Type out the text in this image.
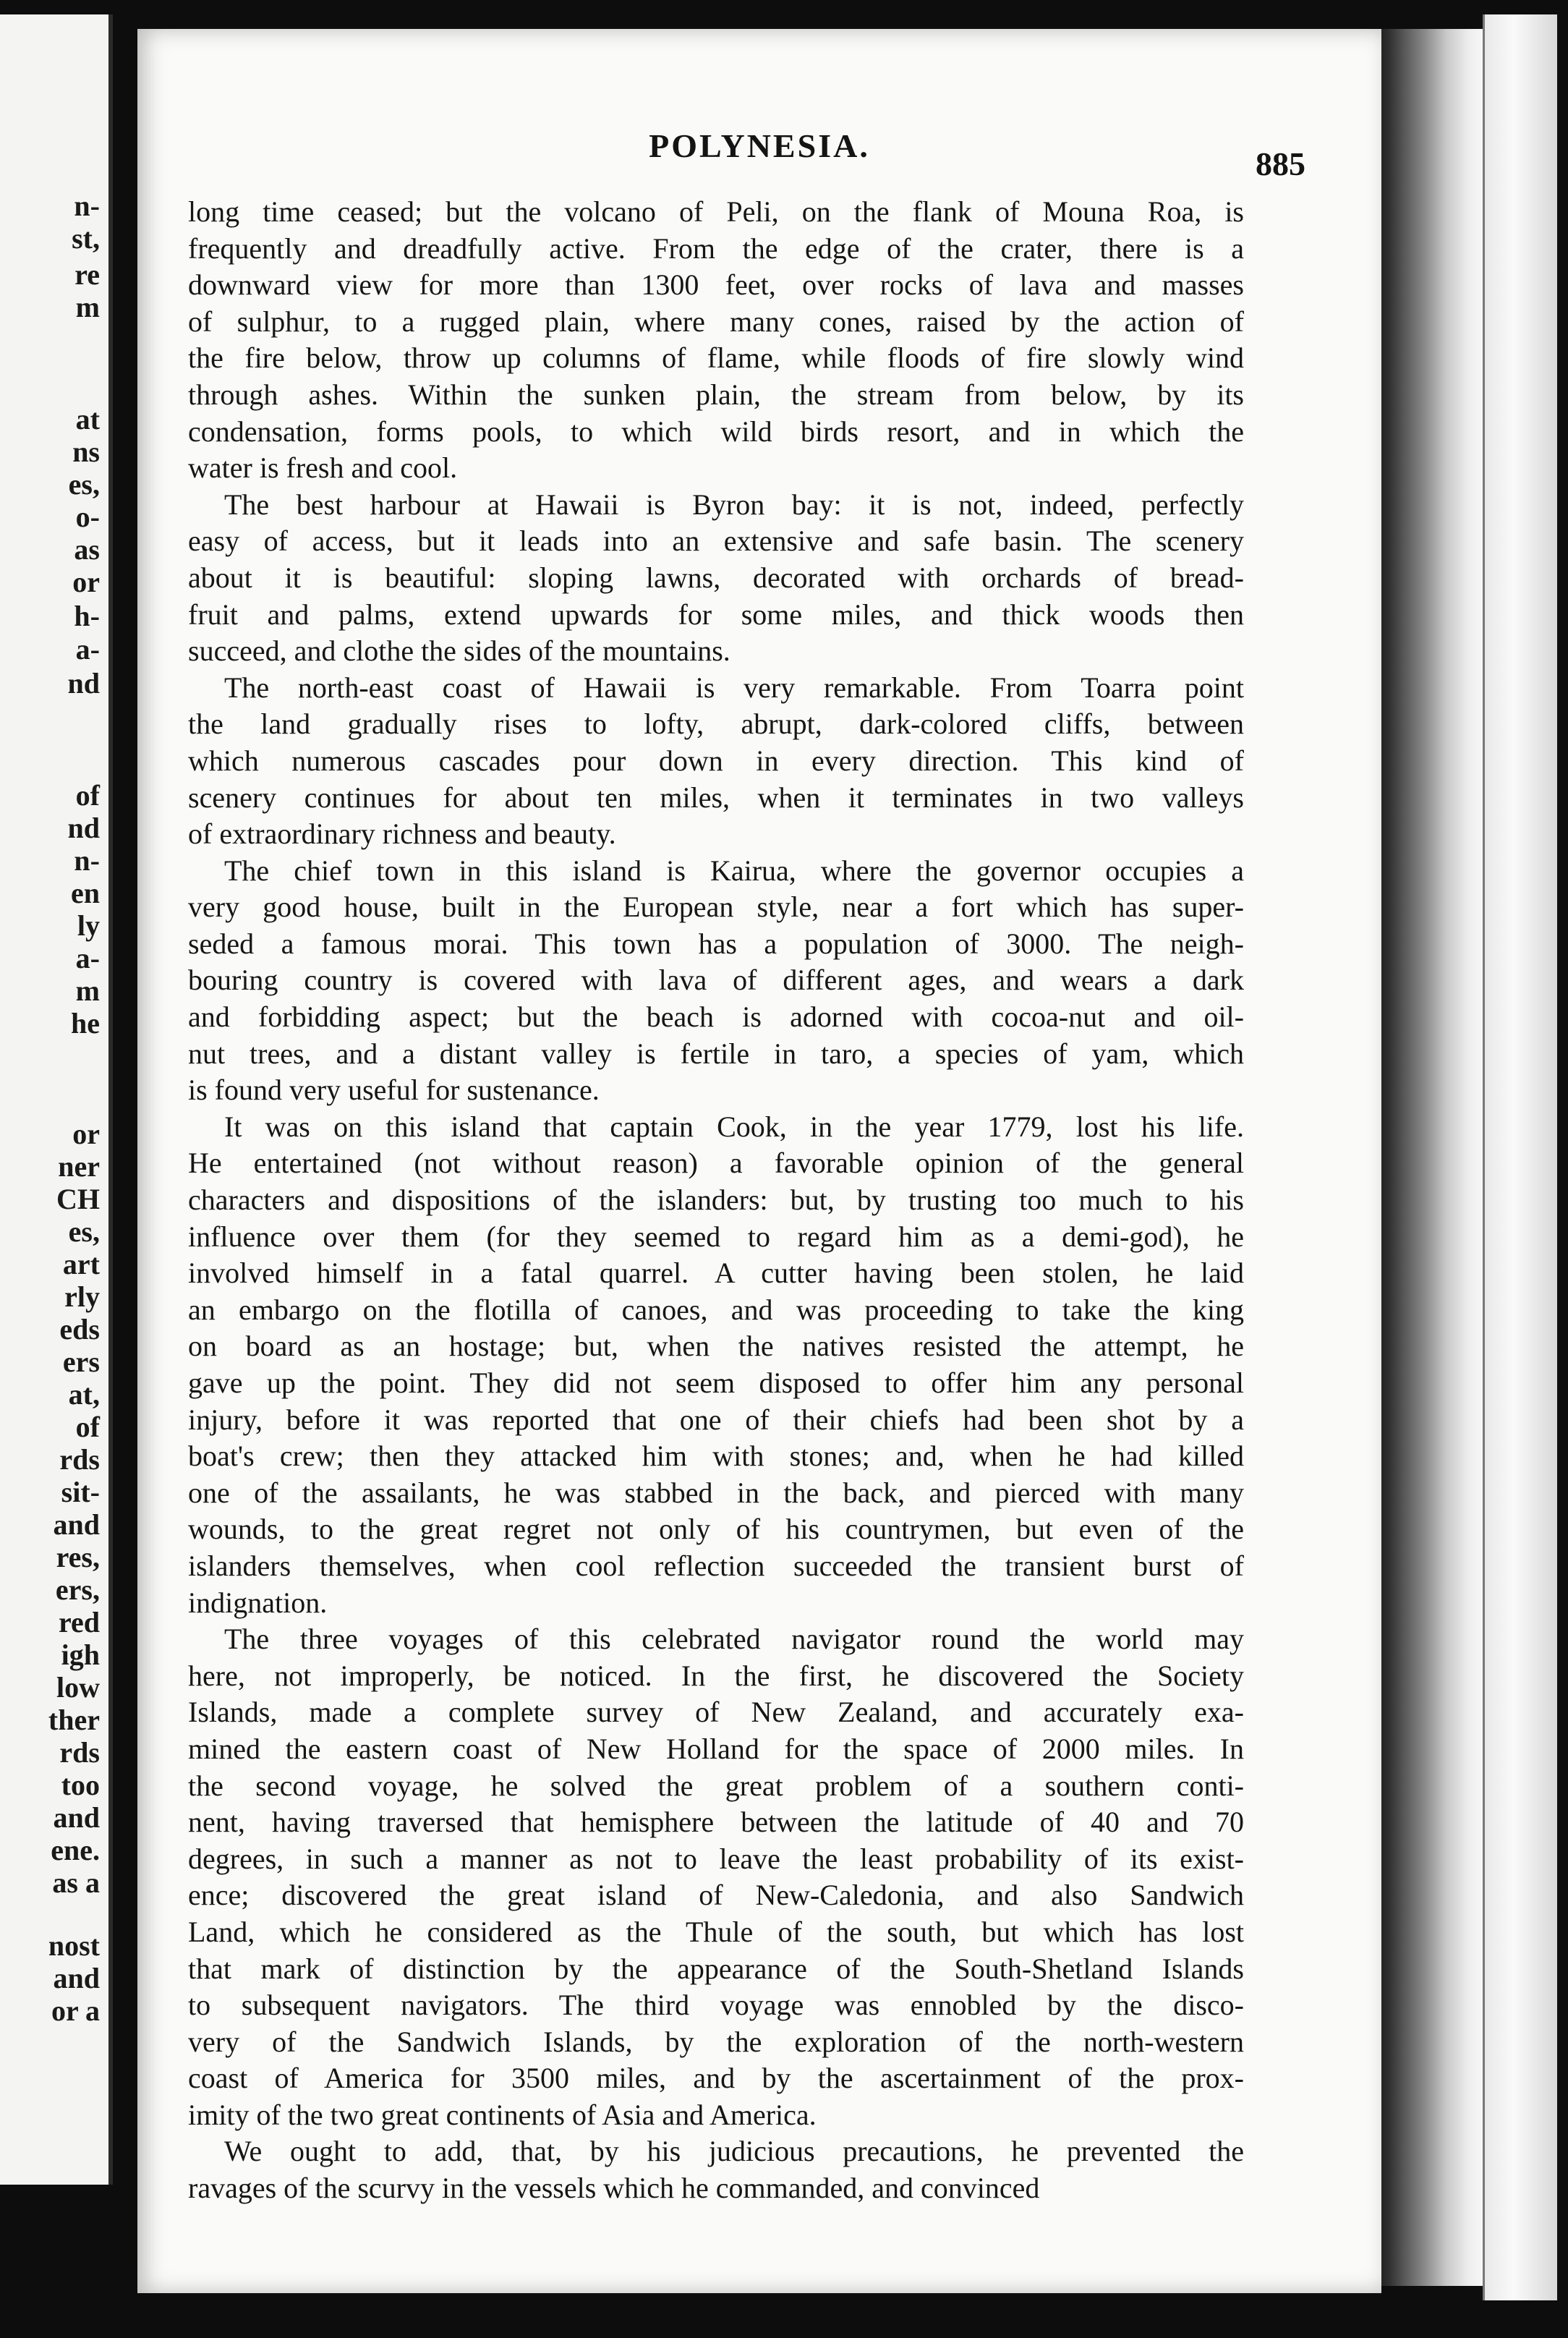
n-
st,
re
m
at
ns
es,
o-
as
or
h-
a-
nd
of
nd
n-
en
ly
a-
m
he
or
ner
CH
es,
art
rly
eds
ers
at,
of
rds
sit-
and
res,
ers,
red
igh
low
ther
rds
too
and
ene.
as a
nost
and
or a
POLYNESIA.	885
long time ceased; but the volcano of Peli, on the flank of Mouna Roa, is
frequently and dreadfully active. From the edge of the crater, there is a
downward view for more than 1300 feet, over rocks of lava and masses
of sulphur, to a rugged plain, where many cones, raised by the action of
the fire below, throw up columns of flame, while floods of fire slowly wind
through ashes. Within the sunken plain, the stream from below, by its
condensation, forms pools, to which wild birds resort, and in which the
water is fresh and cool.
The best harbour at Hawaii is Byron bay: it is not, indeed, perfectly
easy of access, but it leads into an extensive and safe basin. The scenery
about it is beautiful: sloping lawns, decorated with orchards of bread-
fruit and palms, extend upwards for some miles, and thick woods then
succeed, and clothe the sides of the mountains.
The north-east coast of Hawaii is very remarkable. From Toarra point
the land gradually rises to lofty, abrupt, dark-colored cliffs, between
which numerous cascades pour down in every direction. This kind of
scenery continues for about ten miles, when it terminates in two valleys
of extraordinary richness and beauty.
The chief town in this island is Kairua, where the governor occupies a
very good house, built in the European style, near a fort which has super-
seded a famous morai. This town has a population of 3000. The neigh-
bouring country is covered with lava of different ages, and wears a dark
and forbidding aspect; but the beach is adorned with cocoa-nut and oil-
nut trees, and a distant valley is fertile in taro, a species of yam, which
is found very useful for sustenance.
It was on this island that captain Cook, in the year 1779, lost his life.
He entertained (not without reason) a favorable opinion of the general
characters and dispositions of the islanders: but, by trusting too much to his
influence over them (for they seemed to regard him as a demi-god), he
involved himself in a fatal quarrel. A cutter having been stolen, he laid
an embargo on the flotilla of canoes, and was proceeding to take the king
on board as an hostage; but, when the natives resisted the attempt, he
gave up the point. They did not seem disposed to offer him any personal
injury, before it was reported that one of their chiefs had been shot by a
boat's crew; then they attacked him with stones; and, when he had killed
one of the assailants, he was stabbed in the back, and pierced with many
wounds, to the great regret not only of his countrymen, but even of the
islanders themselves, when cool reflection succeeded the transient burst of
indignation.
The three voyages of this celebrated navigator round the world may
here, not improperly, be noticed. In the first, he discovered the Society
Islands, made a complete survey of New Zealand, and accurately exa-
mined the eastern coast of New Holland for the space of 2000 miles. In
the second voyage, he solved the great problem of a southern conti-
nent, having traversed that hemisphere between the latitude of 40 and 70
degrees, in such a manner as not to leave the least probability of its exist-
ence; discovered the great island of New-Caledonia, and also Sandwich
Land, which he considered as the Thule of the south, but which has lost
that mark of distinction by the appearance of the South-Shetland Islands
to subsequent navigators. The third voyage was ennobled by the disco-
very of the Sandwich Islands, by the exploration of the north-western
coast of America for 3500 miles, and by the ascertainment of the prox-
imity of the two great continents of Asia and America.
We ought to add, that, by his judicious precautions, he prevented the
ravages of the scurvy in the vessels which he commanded, and convinced
